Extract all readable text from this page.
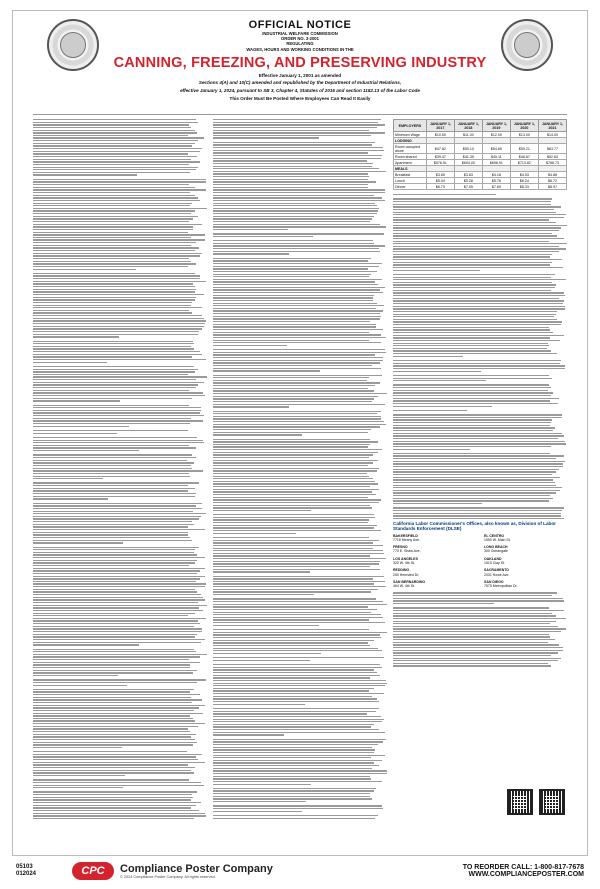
OFFICIAL NOTICE
INDUSTRIAL WELFARE COMMISSION
ORDER NO. 3-2001
REGULATING
WAGES, HOURS AND WORKING CONDITIONS IN THE
CANNING, FREEZING, AND PRESERVING INDUSTRY
Effective January 1, 2001 as amended
Sections 4(A) and 10(C) amended and republished by the Department of Industrial Relations,
effective January 1, 2024, pursuant to SB 3, Chapter 4, Statutes of 2016 and section 1182.13 of the Labor Code
This Order Must Be Posted Where Employees Can Read It Easily
EMPLOYERS	JANUARY 1, 2017	JANUARY 1, 2018	JANUARY 1, 2019	JANUARY 1, 2020	JANUARY 1, 2021
Minimum Wage	$10.50	$11.00	$12.00	$13.00	$14.00
LODGING					
Room occupied alone	$47.82	$50.10	$54.65	$59.21	$63.77
Room shared	$39.47	$41.35	$45.11	$48.87	$52.63
Apartment	$576.51	$604.00	$658.91	$713.82	$768.73
MEALS					
Breakfast	$3.65	$3.83	$4.18	$4.53	$4.88
Lunch	$5.04	$5.28	$5.76	$6.24	$6.72
Dinner	$6.73	$7.05	$7.69	$8.33	$8.97
California Labor Commissioner's Offices, also known as, Division of Labor Standards Enforcement (DLSE)
BAKERSFIELD
7718 Meany Ave.
EL CENTRO
1550 W. Main St.
FRESNO
770 E. Shaw Ave.
LONG BEACH
300 Oceangate
LOS ANGELES
320 W. 4th St.
OAKLAND
1515 Clay St.
REDDING
250 Hemsted Dr.
SACRAMENTO
2031 Howe Ave.
SAN BERNARDINO
464 W. 4th St.
SAN DIEGO
7575 Metropolitan Dr.
05103
012024	CPC	Compliance Poster Company
© 2024 Compliance Poster Company. All rights reserved.
TO REORDER CALL: 1-800-817-7678
WWW.COMPLIANCEPOSTER.COM
